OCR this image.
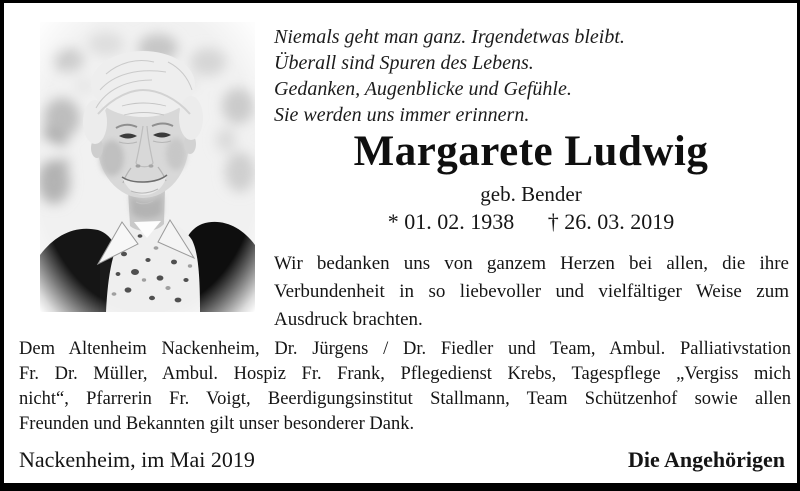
Niemals geht man ganz. Irgendetwas bleibt.
Überall sind Spuren des Lebens.
Gedanken, Augenblicke und Gefühle.
Sie werden uns immer erinnern.
Margarete Ludwig
geb. Bender
* 01. 02. 1938 † 26. 03. 2019
Wir bedanken uns von ganzem Herzen bei allen, die ihre
Verbundenheit in so liebevoller und vielfältiger Weise zum
Ausdruck brachten.
Dem Altenheim Nackenheim, Dr. Jürgens / Dr. Fiedler und Team, Ambul. Palliativstation
Fr. Dr. Müller, Ambul. Hospiz Fr. Frank, Pflegedienst Krebs, Tagespflege „Vergiss mich
nicht“, Pfarrerin Fr. Voigt, Beerdigungsinstitut Stallmann, Team Schützenhof sowie allen
Freunden und Bekannten gilt unser besonderer Dank.
Nackenheim, im Mai 2019	Die Angehörigen
